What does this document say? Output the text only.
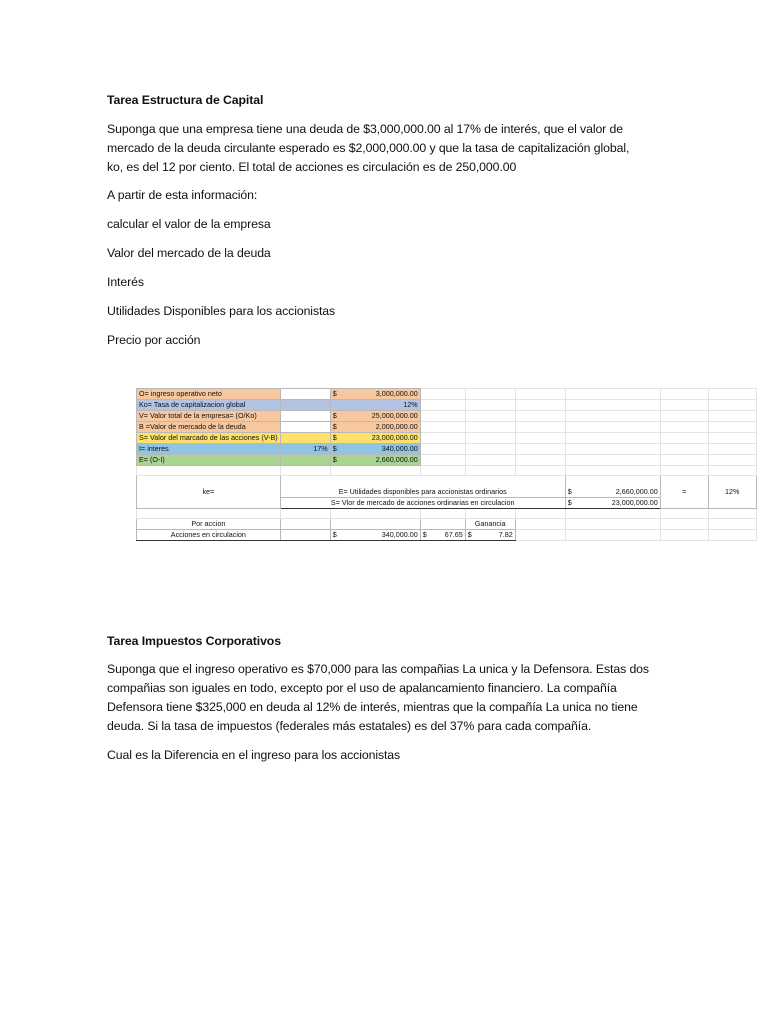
Tarea Estructura de Capital

Suponga que una empresa tiene una deuda de $3,000,000.00 al 17% de interés, que el valor de

mercado de la deuda circulante esperado es $2,000,000.00 y que la tasa de capitalización global,

ko, es del 12 por ciento. El total de acciones es circulación es de 250,000.00

A partir de esta información:

calcular el valor de la empresa

Valor del mercado de la deuda

Interés

Utilidades Disponibles para los accionistas

Precio por acción

Tarea Impuestos Corporativos

Suponga que el ingreso operativo es $70,000 para las compañias La unica y la Defensora. Estas dos

compañias son iguales en todo, excepto por el uso de apalancamiento financiero. La compañía

Defensora tiene $325,000 en deuda al 12% de interés, mientras que la compañía La unica no tiene

deuda. Si la tasa de impuestos (federales más estatales) es del 37% para cada compañía.

Cual es la Diferencia en el ingreso para los accionistas

O= ingreso operativo neto		$ 3,000,000.00						
Ko= Tasa de capitalizacion global		12%						
V= Valor total de la empresa= (O/Ko)		$ 25,000,000.00						
B =Valor de mercado de la deuda		$ 2,000,000.00						
S= Valor del marcado de las acciones (V-B)		$ 23,000,000.00						
I= interes	17%	$ 340,000.00						
E= (O-I)		$ 2,660,000.00						

ke=	E= Utilidades disponibles para accionistas ordinarios					$ 2,660,000.00	=	12%
	S= Vlor de mercado de acciones ordinarias en circulacion					$ 23,000,000.00		

Por accion				Ganancia				
Acciones en circulacion		$ 340,000.00	$ 67.65	$ 7.82				
